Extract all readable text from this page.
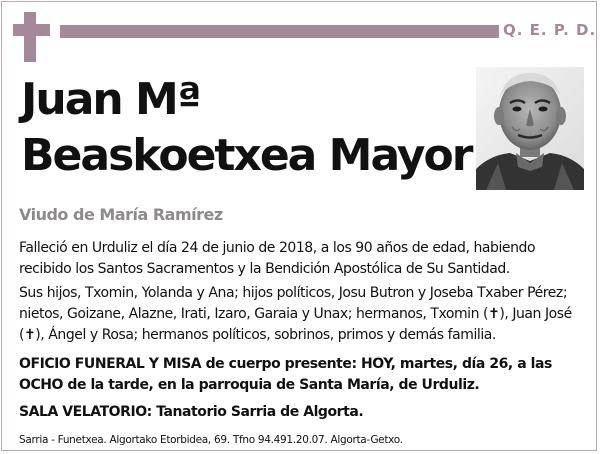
Q. E. P. D.
Juan Mª
Beaskoetxea Mayor
Viudo de María Ramírez

Falleció en Urduliz el día 24 de junio de 2018, a los 90 años de edad, habiendo recibido los Santos Sacramentos y la Bendición Apostólica de Su Santidad.

Sus hijos, Txomin, Yolanda y Ana; hijos políticos, Josu Butron y Joseba Txaber Pérez; nietos, Goizane, Alazne, Irati, Izaro, Garaia y Unax; hermanos, Txomin (✝), Juan José (✝), Ángel y Rosa; hermanos políticos, sobrinos, primos y demás familia.

OFICIO FUNERAL Y MISA de cuerpo presente: HOY, martes, día 26, a las OCHO de la tarde, en la parroquia de Santa María, de Urduliz.

SALA VELATORIO: Tanatorio Sarria de Algorta.

Sarria - Funetxea. Algortako Etorbidea, 69. Tfno 94.491.20.07. Algorta-Getxo.
